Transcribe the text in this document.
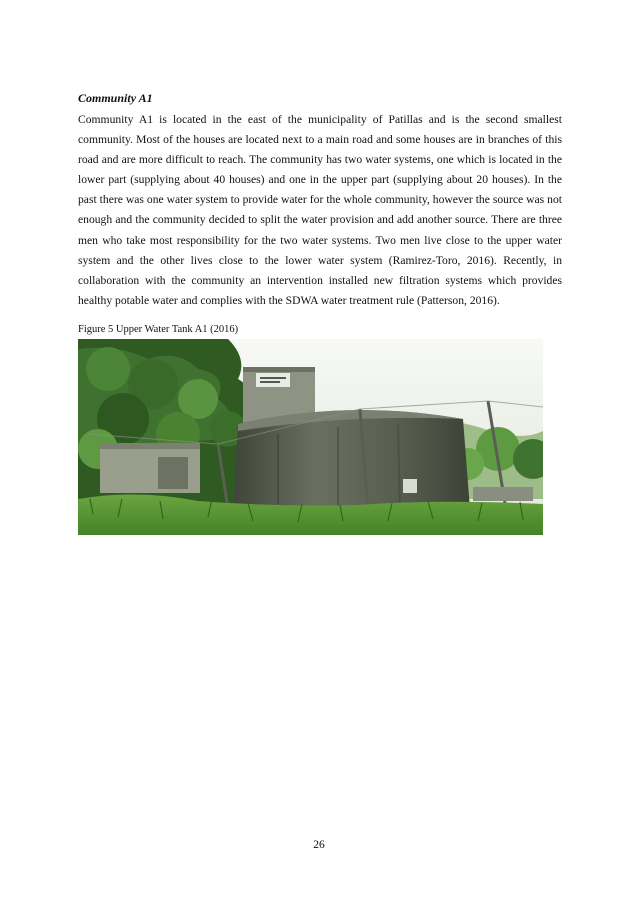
Community A1
Community A1 is located in the east of the municipality of Patillas and is the second smallest
community. Most of the houses are located next to a main road and some houses are in branches of this
road and are more difficult to reach. The community has two water systems, one which is located in the
lower part (supplying about 40 houses) and one in the upper part (supplying about 20 houses). In the
past there was one water system to provide water for the whole community, however the source was not
enough and the community decided to split the water provision and add another source. There are three
men who take most responsibility for the two water systems. Two men live close to the upper water
system and the other lives close to the lower water system (Ramirez-Toro, 2016). Recently, in
collaboration with the community an intervention installed new filtration systems which provides
healthy potable water and complies with the SDWA water treatment rule (Patterson, 2016).
Figure 5 Upper Water Tank A1 (2016)
26
